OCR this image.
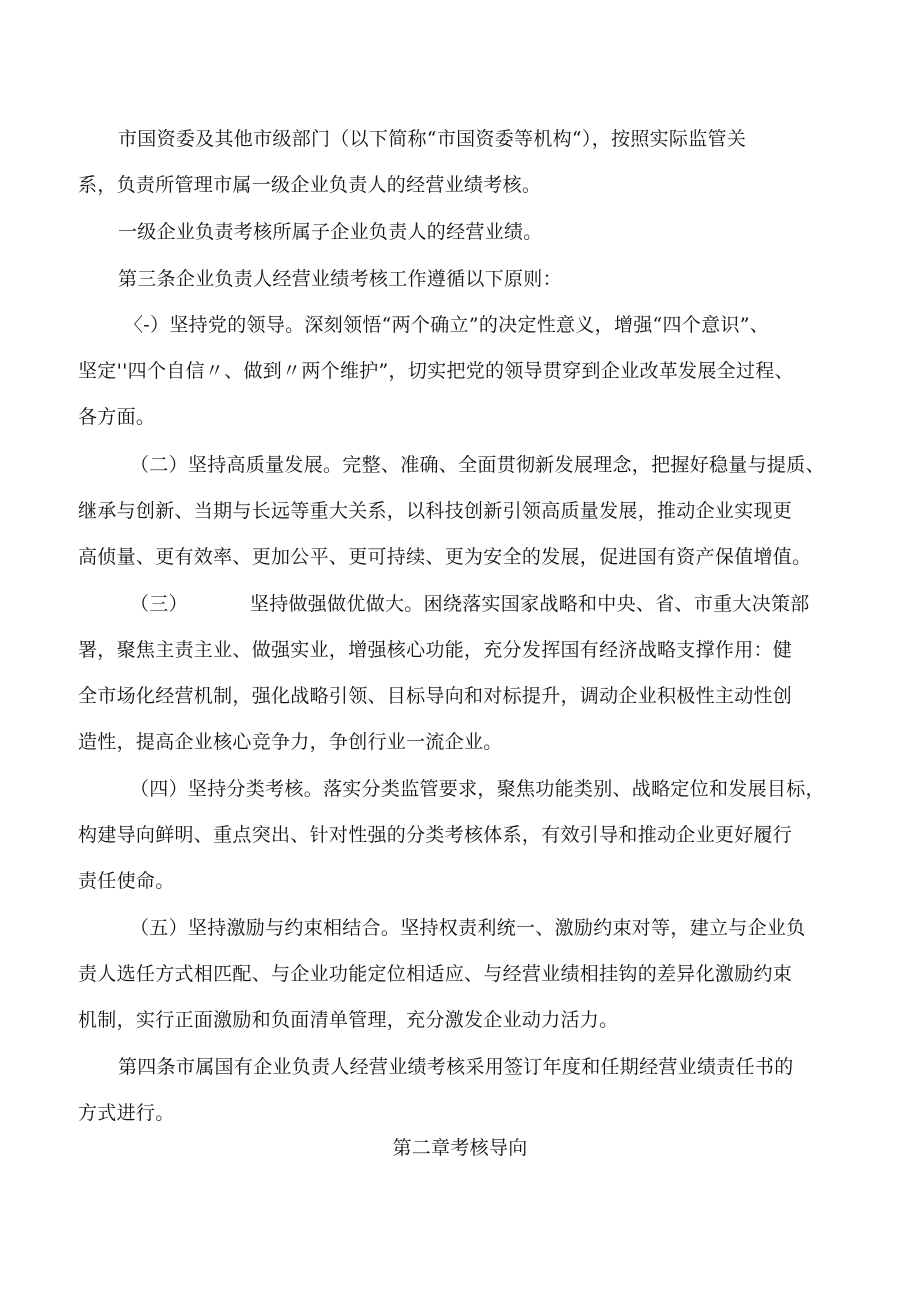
市国资委及其他市级部门（以下简称“市国资委等机构“），按照实际监管关
系，负责所管理市属一级企业负责人的经营业绩考核。

一级企业负责考核所属子企业负责人的经营业绩。

第三条企业负责人经营业绩考核工作遵循以下原则：

〈-）坚持党的领导。深刻领悟“两个确立”的决定性意义，增强“四个意识”、
坚定''四个自信〃、做到〃两个维护”，切实把党的领导贯穿到企业改革发展全过程、
各方面。

（二）坚持高质量发展。完整、准确、全面贯彻新发展理念，把握好稳量与提质、
继承与创新、当期与长远等重大关系，以科技创新引领高质量发展，推动企业实现更
高侦量、更有效率、更加公平、更可持续、更为安全的发展，促进国有资产保值增值。

（三）	坚持做强做优做大。困绕落实国家战略和中央、省、市重大决策部
署，聚焦主责主业、做强实业，增强核心功能，充分发挥国有经济战略支撑作用：健
全市场化经营机制，强化战略引领、目标导向和对标提升，调动企业积极性主动性创
造性，提高企业核心竞争力，争创行业一流企业。

（四）坚持分类考核。落实分类监管要求，聚焦功能类别、战略定位和发展目标，
构建导向鲜明、重点突出、针对性强的分类考核体系，有效引导和推动企业更好履行
责任使命。

（五）坚持激励与约束相结合。坚持权责利统一、激励约束对等，建立与企业负
责人选任方式相匹配、与企业功能定位相适应、与经营业绩相挂钩的差异化激励约束
机制，实行正面激励和负面清单管理，充分激发企业动力活力。

第四条市属国有企业负责人经营业绩考核采用签订年度和任期经营业绩责任书的
方式进行。

第二章考核导向
